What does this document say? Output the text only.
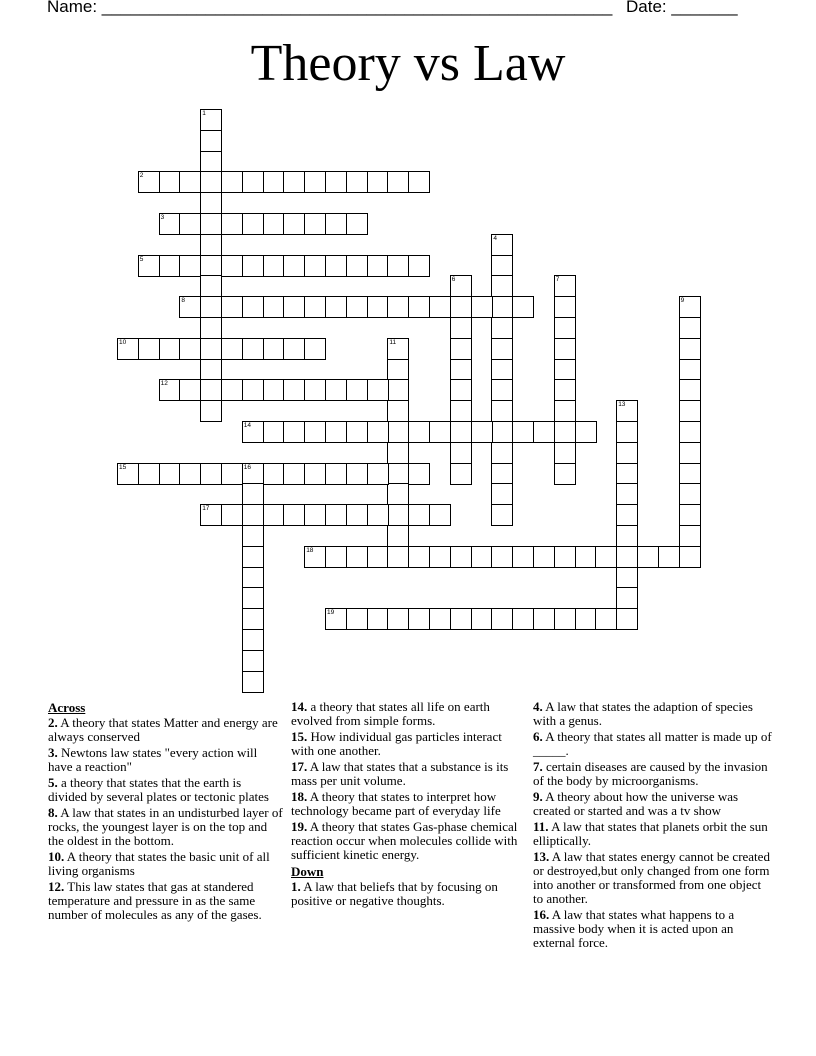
Name: ______________________________________________________ Date: _______
Theory vs Law
1
2
3
4
5
6	7
8	9
10	11
12
13
14
15	16
17
18
19
Across
2. A theory that states Matter and energy are always conserved
3. Newtons law states "every action will have a reaction"
5. a theory that states that the earth is divided by several plates or tectonic plates
8. A law that states in an undisturbed layer of rocks, the youngest layer is on the top and the oldest in the bottom.
10. A theory that states the basic unit of all living organisms
12. This law states that gas at standered temperature and pressure in as the same number of molecules as any of the gases.
14. a theory that states all life on earth evolved from simple forms.
15. How individual gas particles interact with one another.
17. A law that states that a substance is its mass per unit volume.
18. A theory that states to interpret how technology became part of everyday life
19. A theory that states Gas-phase chemical reaction occur when molecules collide with sufficient kinetic energy.
Down
1. A law that beliefs that by focusing on positive or negative thoughts.
4. A law that states the adaption of species with a genus.
6. A theory that states all matter is made up of _____.
7. certain diseases are caused by the invasion of the body by microorganisms.
9. A theory about how the universe was created or started and was a tv show
11. A law that states that planets orbit the sun elliptically.
13. A law that states energy cannot be created or destroyed,but only changed from one form into another or transformed from one object to another.
16. A law that states what happens to a massive body when it is acted upon an external force.
